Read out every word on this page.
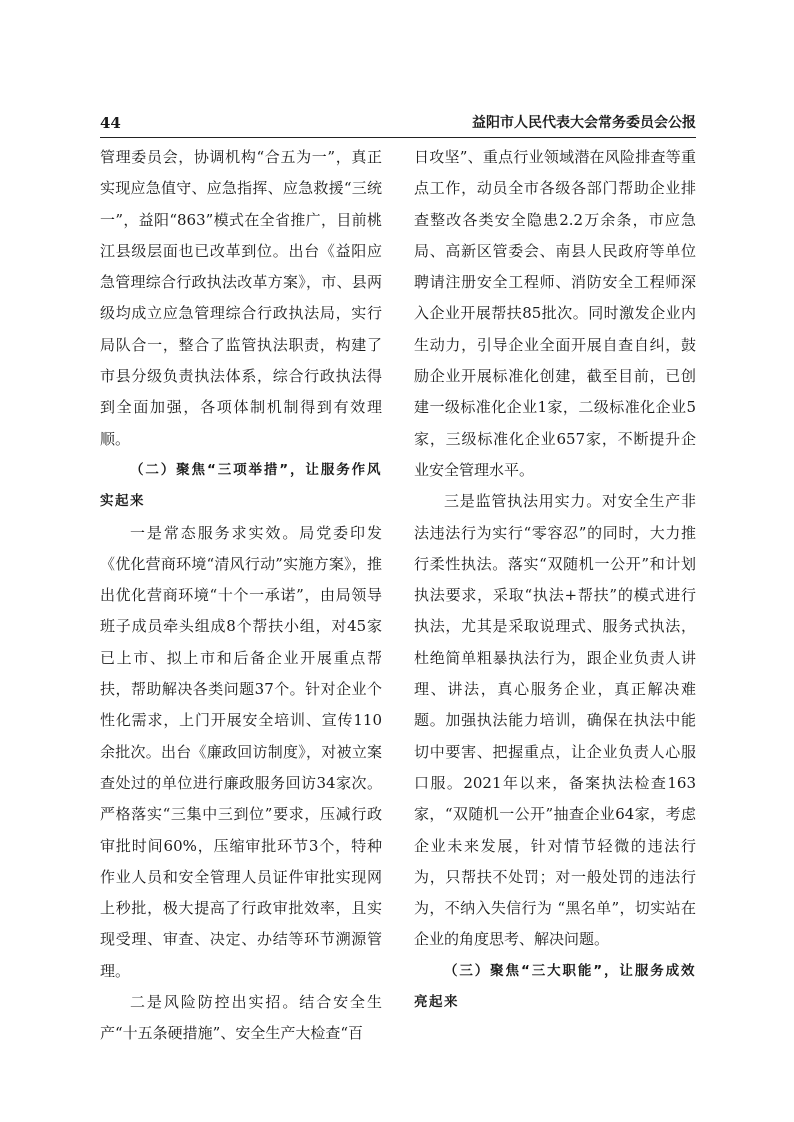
44	益阳市人民代表大会常务委员会公报

管理委员会，协调机构“合五为一”，真正实现应急值守、应急指挥、应急救援“三统一”，益阳“863”模式在全省推广，目前桃江县级层面也已改革到位。出台《益阳应急管理综合行政执法改革方案》，市、县两级均成立应急管理综合行政执法局，实行局队合一，整合了监管执法职责，构建了市县分级负责执法体系，综合行政执法得到全面加强，各项体制机制得到有效理顺。

（二）聚焦“三项举措”，让服务作风实起来

一是常态服务求实效。局党委印发《优化营商环境“清风行动”实施方案》，推出优化营商环境“十个一承诺”，由局领导班子成员牵头组成8个帮扶小组，对45家已上市、拟上市和后备企业开展重点帮扶，帮助解决各类问题37个。针对企业个性化需求，上门开展安全培训、宣传110余批次。出台《廉政回访制度》，对被立案查处过的单位进行廉政服务回访34家次。严格落实“三集中三到位”要求，压减行政审批时间60%，压缩审批环节3个，特种作业人员和安全管理人员证件审批实现网上秒批，极大提高了行政审批效率，且实现受理、审查、决定、办结等环节溯源管理。

二是风险防控出实招。结合安全生产“十五条硬措施”、安全生产大检查“百

日攻坚”、重点行业领域潜在风险排查等重点工作，动员全市各级各部门帮助企业排查整改各类安全隐患2.2万余条，市应急局、高新区管委会、南县人民政府等单位聘请注册安全工程师、消防安全工程师深入企业开展帮扶85批次。同时激发企业内生动力，引导企业全面开展自查自纠，鼓励企业开展标准化创建，截至目前，已创建一级标准化企业1家，二级标准化企业5家，三级标准化企业657家，不断提升企业安全管理水平。

三是监管执法用实力。对安全生产非法违法行为实行“零容忍”的同时，大力推行柔性执法。落实“双随机一公开”和计划执法要求，采取“执法+帮扶”的模式进行执法，尤其是采取说理式、服务式执法，杜绝简单粗暴执法行为，跟企业负责人讲理、讲法，真心服务企业，真正解决难题。加强执法能力培训，确保在执法中能切中要害、把握重点，让企业负责人心服口服。2021年以来，备案执法检查163家，“双随机一公开”抽查企业64家，考虑企业未来发展，针对情节轻微的违法行为，只帮扶不处罚；对一般处罚的违法行为，不纳入失信行为 “黑名单”，切实站在企业的角度思考、解决问题。

（三）聚焦“三大职能”，让服务成效亮起来
